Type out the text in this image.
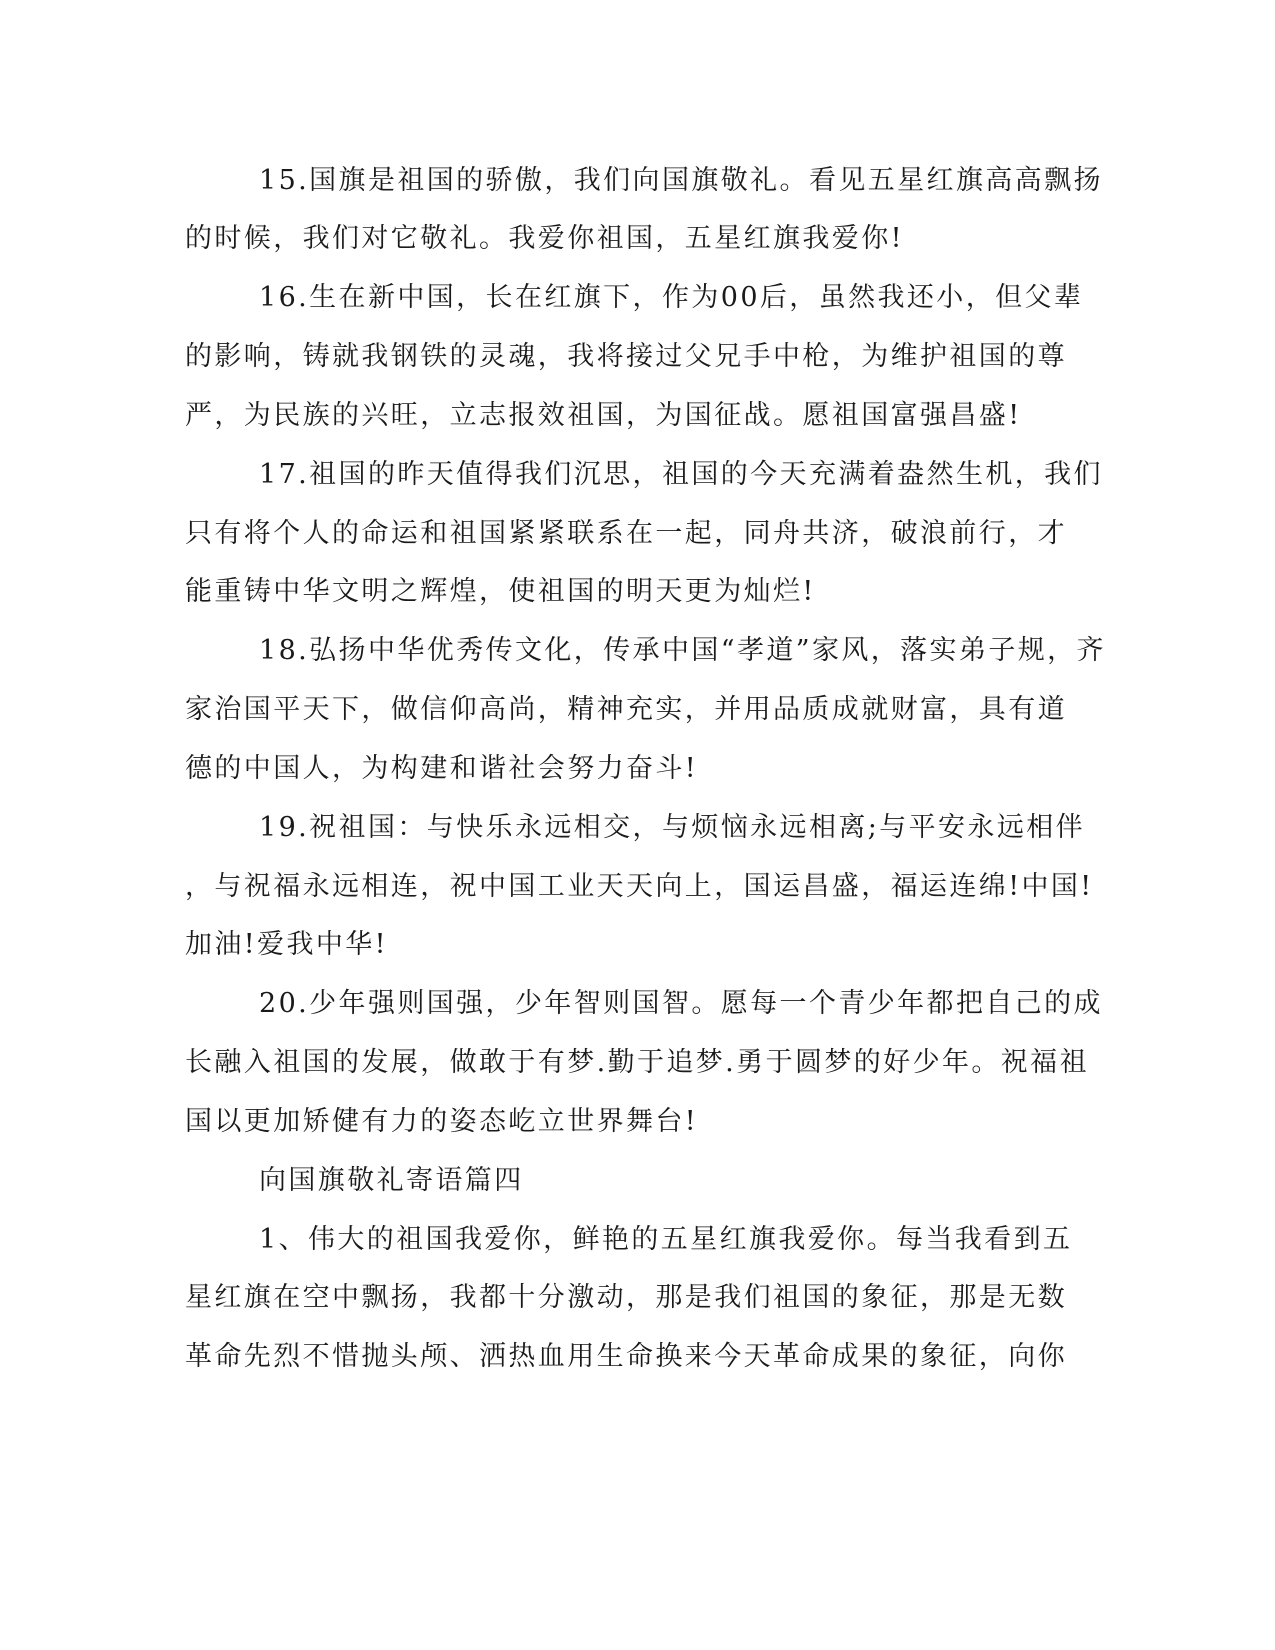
15.国旗是祖国的骄傲，我们向国旗敬礼。看见五星红旗高高飘扬
的时候，我们对它敬礼。我爱你祖国，五星红旗我爱你!
16.生在新中国，长在红旗下，作为00后，虽然我还小，但父辈
的影响，铸就我钢铁的灵魂，我将接过父兄手中枪，为维护祖国的尊
严，为民族的兴旺，立志报效祖国，为国征战。愿祖国富强昌盛!
17.祖国的昨天值得我们沉思，祖国的今天充满着盎然生机，我们
只有将个人的命运和祖国紧紧联系在一起，同舟共济，破浪前行，才
能重铸中华文明之辉煌，使祖国的明天更为灿烂!
18.弘扬中华优秀传文化，传承中国“孝道”家风，落实弟子规，齐
家治国平天下，做信仰高尚，精神充实，并用品质成就财富，具有道
德的中国人，为构建和谐社会努力奋斗!
19.祝祖国：与快乐永远相交，与烦恼永远相离;与平安永远相伴
，与祝福永远相连，祝中国工业天天向上，国运昌盛，福运连绵!中国!
加油!爱我中华!
20.少年强则国强，少年智则国智。愿每一个青少年都把自己的成
长融入祖国的发展，做敢于有梦.勤于追梦.勇于圆梦的好少年。祝福祖
国以更加矫健有力的姿态屹立世界舞台!
向国旗敬礼寄语篇四
1、伟大的祖国我爱你，鲜艳的五星红旗我爱你。每当我看到五
星红旗在空中飘扬，我都十分激动，那是我们祖国的象征，那是无数
革命先烈不惜抛头颅、洒热血用生命换来今天革命成果的象征，向你
